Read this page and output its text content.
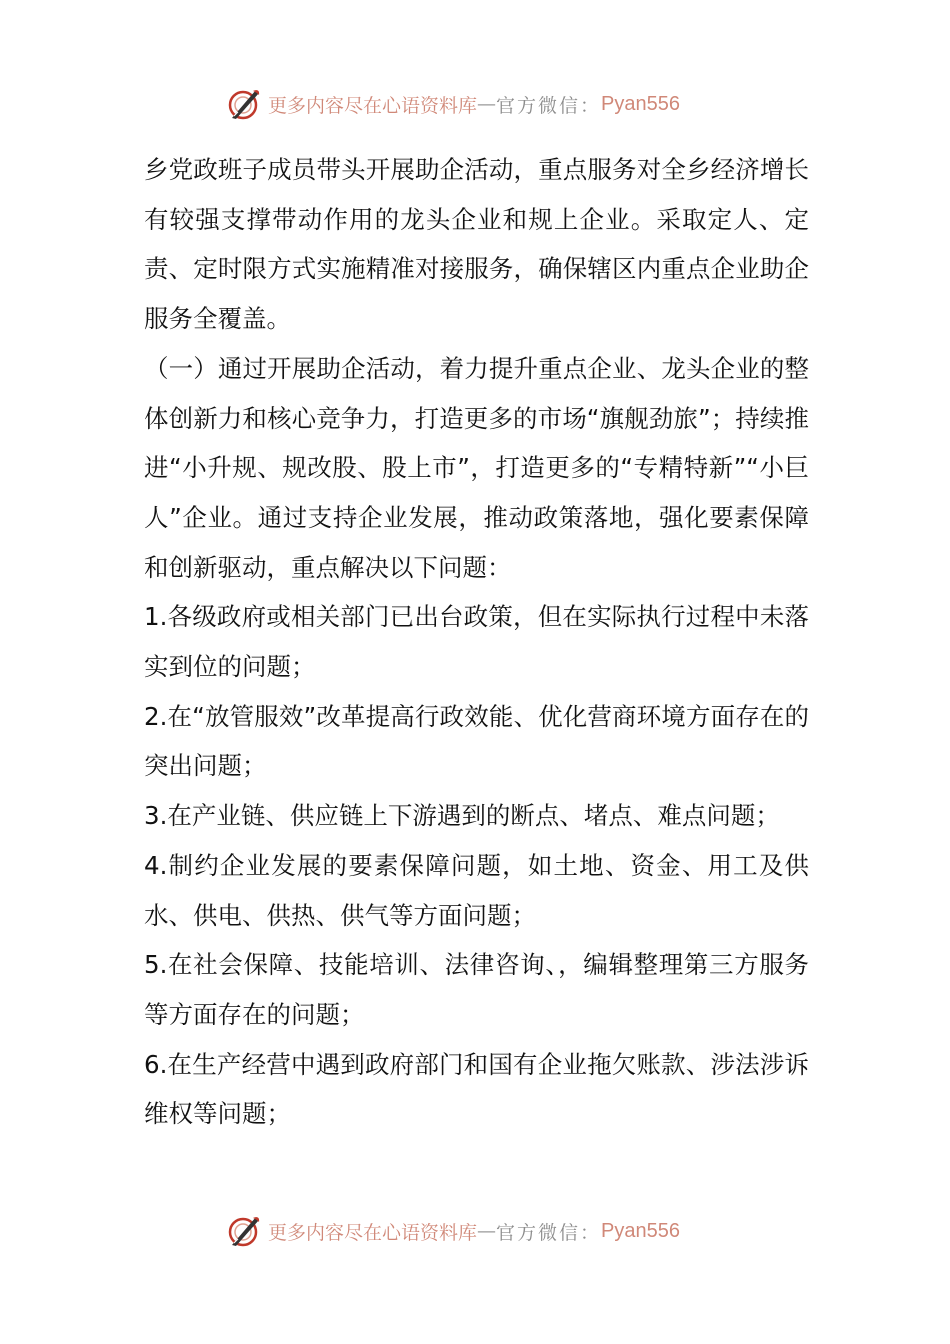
更多内容尽在心语资料库 — 官方微信： Pyan556

乡党政班子成员带头开展助企活动，重点服务对全乡经济增长有较强支撑带动作用的龙头企业和规上企业。采取定人、定责、定时限方式实施精准对接服务，确保辖区内重点企业助企服务全覆盖。

（一）通过开展助企活动，着力提升重点企业、龙头企业的整体创新力和核心竞争力，打造更多的市场“旗舰劲旅”；持续推进“小升规、规改股、股上市”，打造更多的“专精特新”“小巨人”企业。通过支持企业发展，推动政策落地，强化要素保障和创新驱动，重点解决以下问题：

1.各级政府或相关部门已出台政策，但在实际执行过程中未落实到位的问题；

2.在“放管服效”改革提高行政效能、优化营商环境方面存在的突出问题；

3.在产业链、供应链上下游遇到的断点、堵点、难点问题；

4.制约企业发展的要素保障问题，如土地、资金、用工及供水、供电、供热、供气等方面问题；

5.在社会保障、技能培训、法律咨询、，编辑整理第三方服务等方面存在的问题；

6.在生产经营中遇到政府部门和国有企业拖欠账款、涉法涉诉维权等问题；

更多内容尽在心语资料库 — 官方微信： Pyan556
